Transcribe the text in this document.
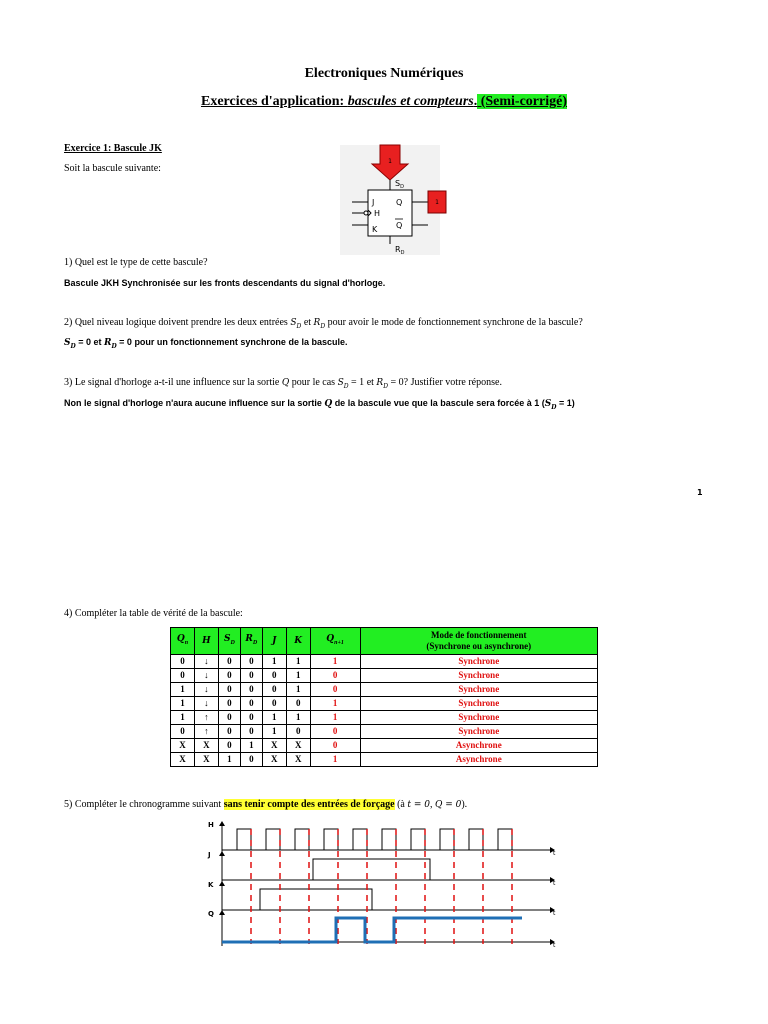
Electroniques Numériques
Exercices d'application: bascules et compteurs. (Semi-corrigé)
Exercice 1: Bascule JK
Soit la bascule suivante:
1
$S_D$
J
H
K
Q
Q
$R_D$
1
1) Quel est le type de cette bascule?
Bascule JKH Synchronisée sur les fronts descendants du signal d'horloge.
2) Quel niveau logique doivent prendre les deux entrées $S_D$ et $R_D$ pour avoir le mode de fonctionnement synchrone de la bascule?
$S_D = 0$ et $R_D = 0$ pour un fonctionnement synchrone de la bascule.
3) Le signal d'horloge a-t-il une influence sur la sortie Q pour le cas $S_D = 1$ et $R_D = 0$? Justifier votre réponse.
Non le signal d'horloge n'aura aucune influence sur la sortie Q de la bascule vue que la bascule sera forcée à 1 $(S_D = 1)$
1
4) Compléter la table de vérité de la bascule:
$Q_n$	H	$S_D$	$R_D$	J	K	$Q_{n+1}$	Mode de fonctionnement
(Synchrone ou asynchrone)

0	↓	0	0	1	1	1	Synchrone
0	↓	0	0	0	1	0	Synchrone
1	↓	0	0	0	1	0	Synchrone
1	↓	0	0	0	0	1	Synchrone
1	↑	0	0	1	1	1	Synchrone
0	↑	0	0	1	0	0	Synchrone
X	X	0	1	X	X	0	Asynchrone
X	X	1	0	X	X	1	Asynchrone
5) Compléter le chronogramme suivant sans tenir compte des entrées de forçage (à t = 0, Q = 0).
H
t
J
t
K
t
Q
t
